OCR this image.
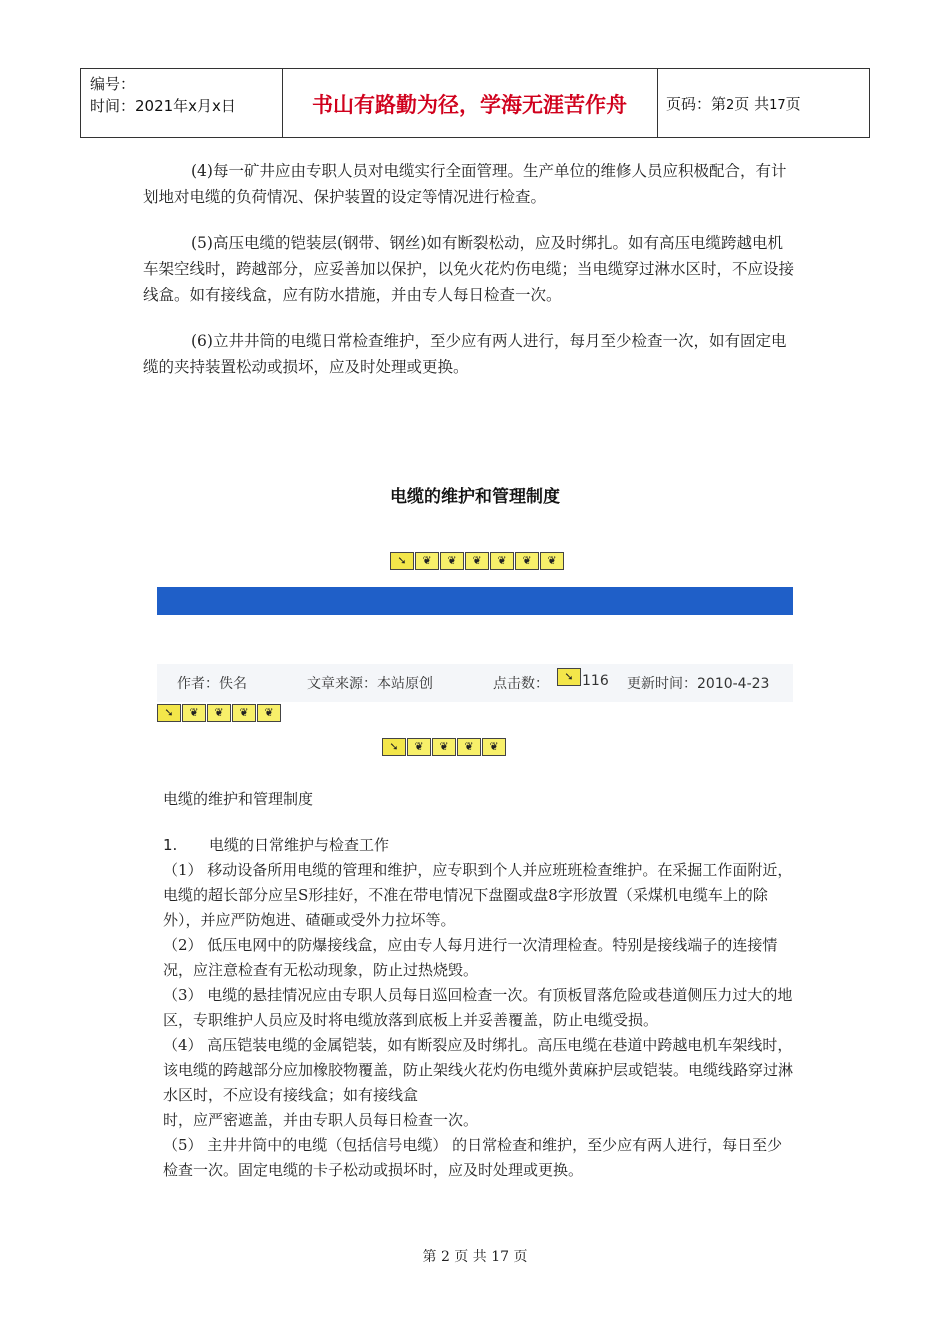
编号：
时间：2021年x月x日	书山有路勤为径，学海无涯苦作舟	页码：第2页 共17页

(4)每一矿井应由专职人员对电缆实行全面管理。生产单位的维修人员应积极配合，有计划地对电缆的负荷情况、保护装置的设定等情况进行检查。

(5)高压电缆的铠装层(钢带、钢丝)如有断裂松动，应及时绑扎。如有高压电缆跨越电机车架空线时，跨越部分，应妥善加以保护，以免火花灼伤电缆；当电缆穿过淋水区时，不应设接线盒。如有接线盒，应有防水措施，并由专人每日检查一次。

(6)立井井筒的电缆日常检查维护，至少应有两人进行，每月至少检查一次，如有固定电缆的夹持装置松动或损坏，应及时处理或更换。

电缆的维护和管理制度
➘	❦	❦	❦	❦	❦	❦
作者：佚名	文章来源：本站原创	点击数：	➘ 116 更新时间：2010-4-23
➘	❦	❦	❦	❦
➘	❦	❦	❦	❦
电缆的维护和管理制度

1. 电缆的日常维护与检查工作

（1） 移动设备所用电缆的管理和维护，应专职到个人并应班班检查维护。在采掘工作面附近，电缆的超长部分应呈S形挂好，不准在带电情况下盘圈或盘8字形放置（采煤机电缆车上的除外），并应严防炮进、碴砸或受外力拉坏等。

（2） 低压电网中的防爆接线盒，应由专人每月进行一次清理检查。特别是接线端子的连接情况，应注意检查有无松动现象，防止过热烧毁。

（3） 电缆的悬挂情况应由专职人员每日巡回检查一次。有顶板冒落危险或巷道侧压力过大的地区，专职维护人员应及时将电缆放落到底板上并妥善覆盖，防止电缆受损。

（4） 高压铠装电缆的金属铠装，如有断裂应及时绑扎。高压电缆在巷道中跨越电机车架线时，该电缆的跨越部分应加橡胶物覆盖，防止架线火花灼伤电缆外黄麻护层或铠装。电缆线路穿过淋水区时，不应设有接线盒；如有接线盒

时，应严密遮盖，并由专职人员每日检查一次。

（5） 主井井筒中的电缆（包括信号电缆） 的日常检查和维护，至少应有两人进行，每日至少检查一次。固定电缆的卡子松动或损坏时，应及时处理或更换。

第 2 页 共 17 页
